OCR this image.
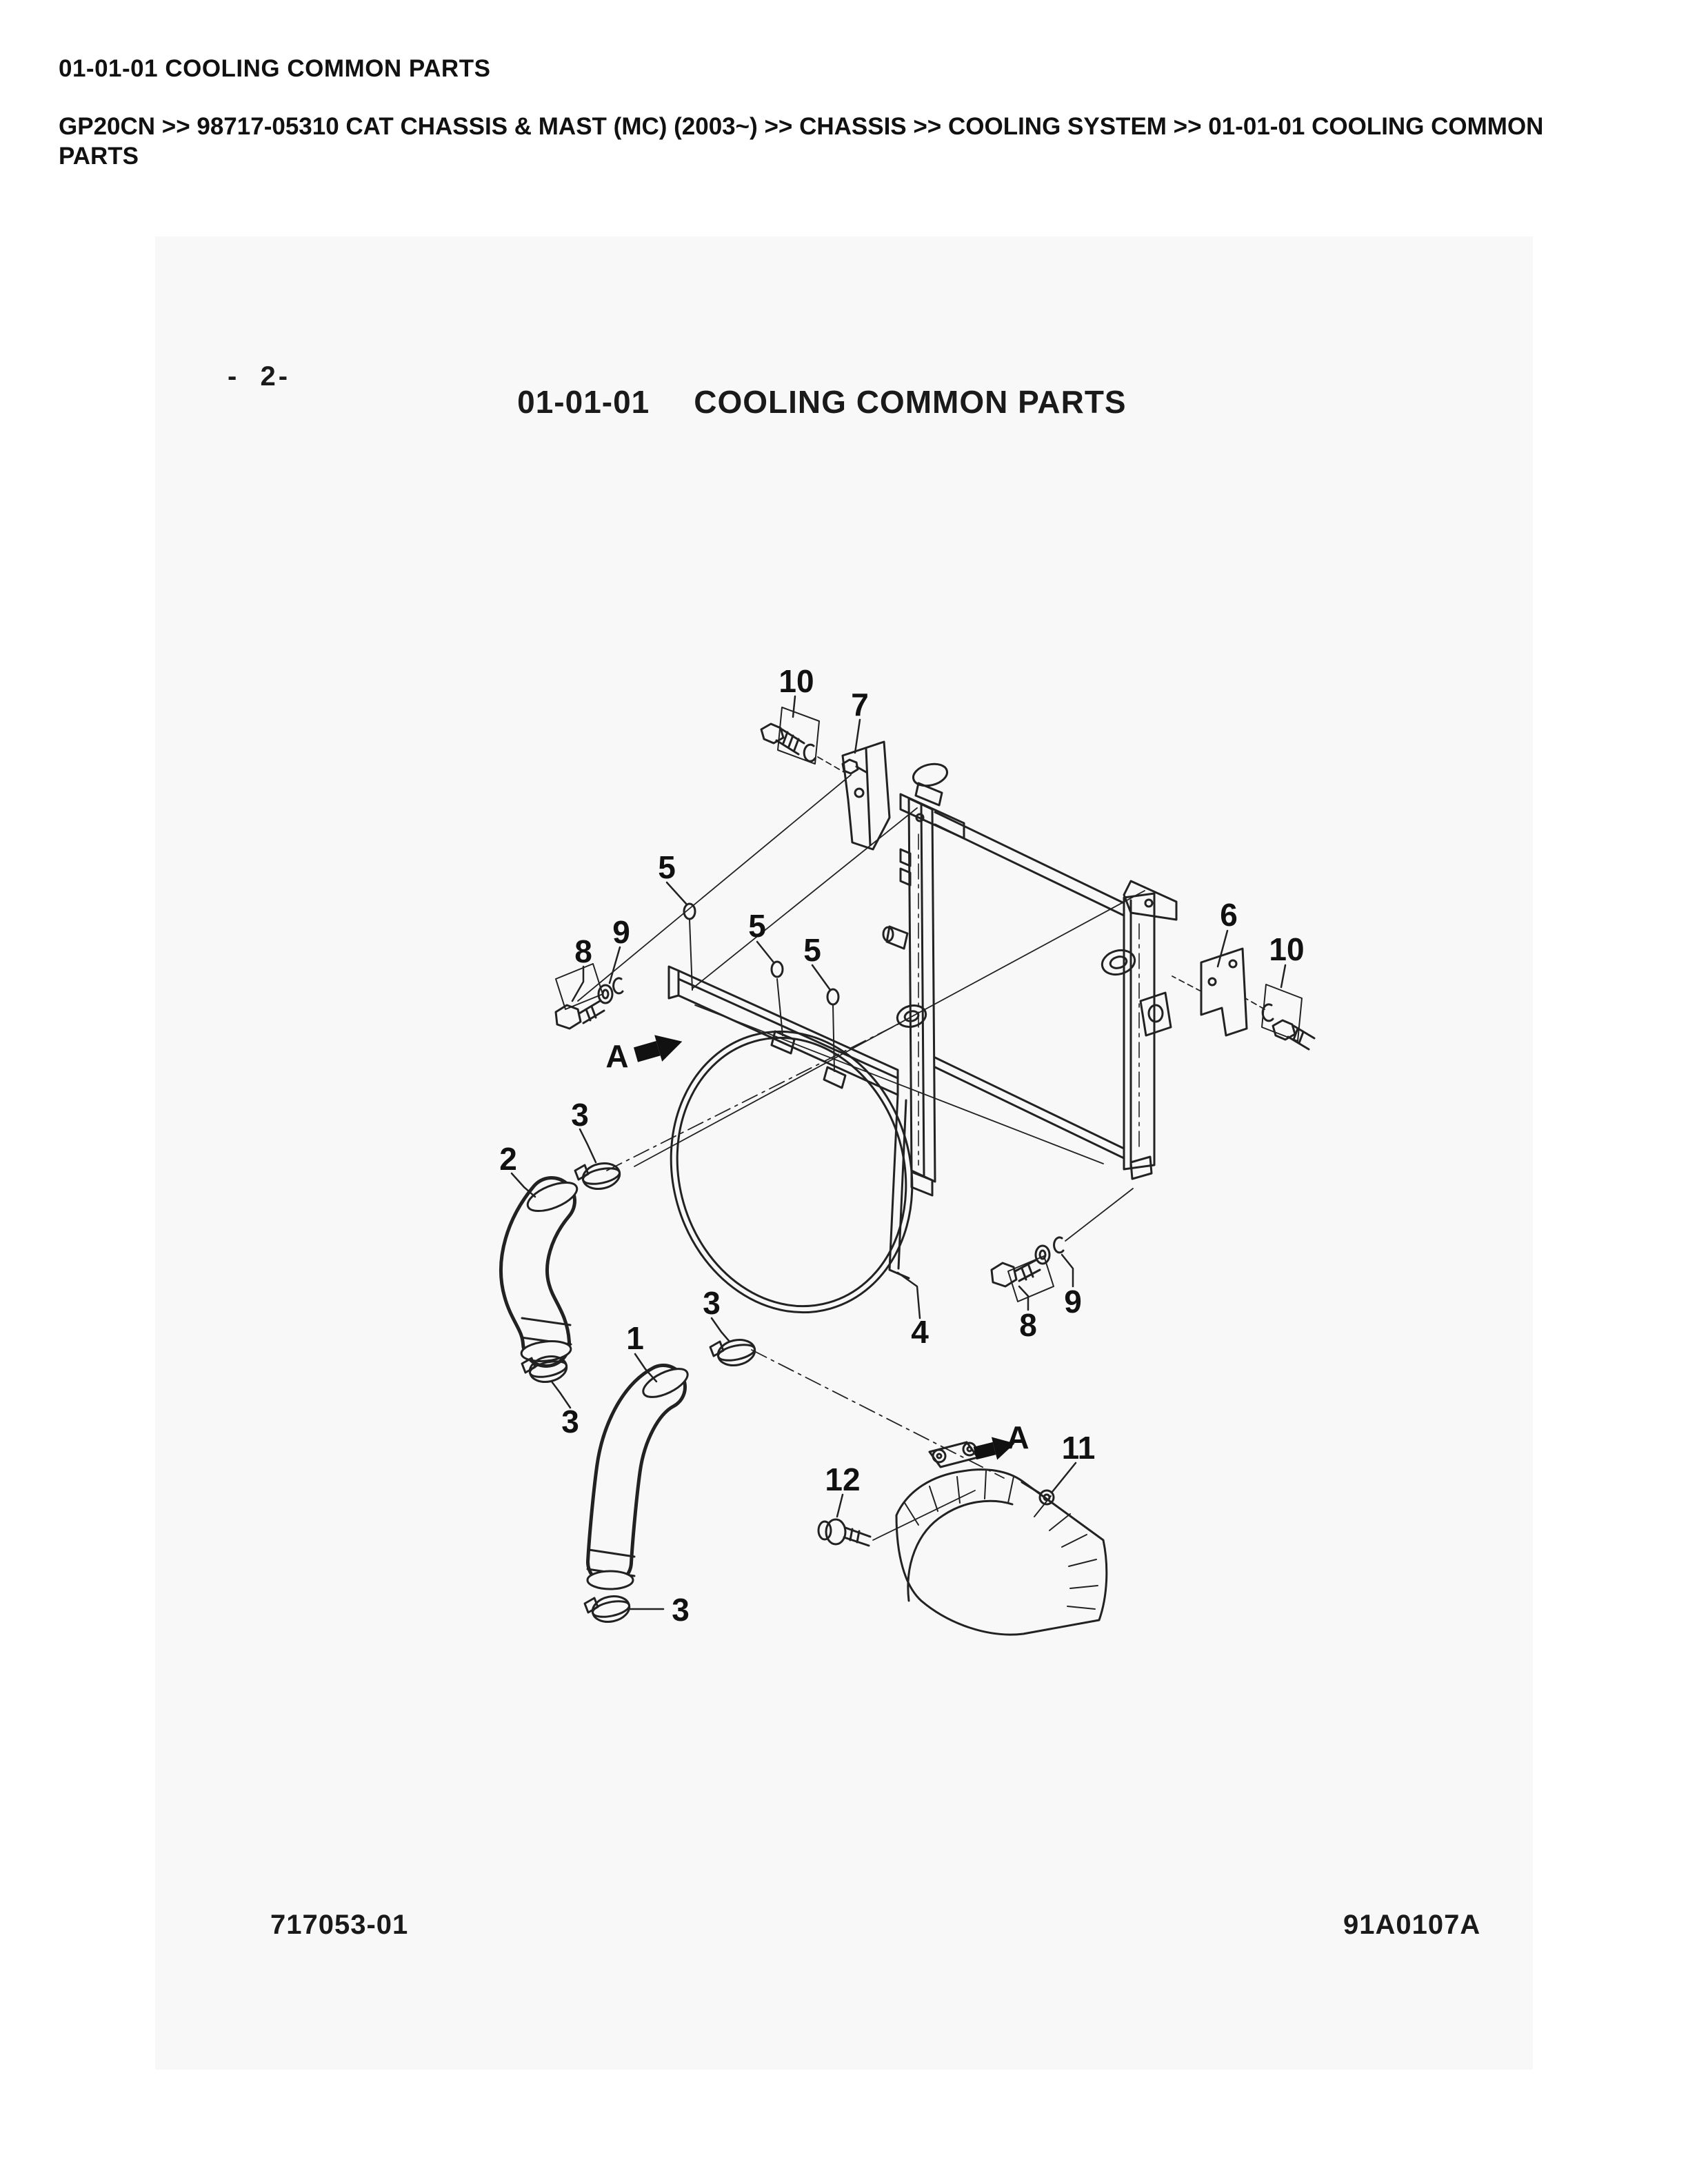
01-01-01 COOLING COMMON PARTS
GP20CN >> 98717-05310 CAT CHASSIS & MAST (MC) (2003~) >> CHASSIS >> COOLING SYSTEM >> 01-01-01 COOLING COMMON PARTS
10
7
5
5
5
8
9
A
6
10
2
3
3
1
3
3
4	8
9
12
11
A

01-01-01 COOLING COMMON PARTS

-  2-
717053-01	91A0107A
